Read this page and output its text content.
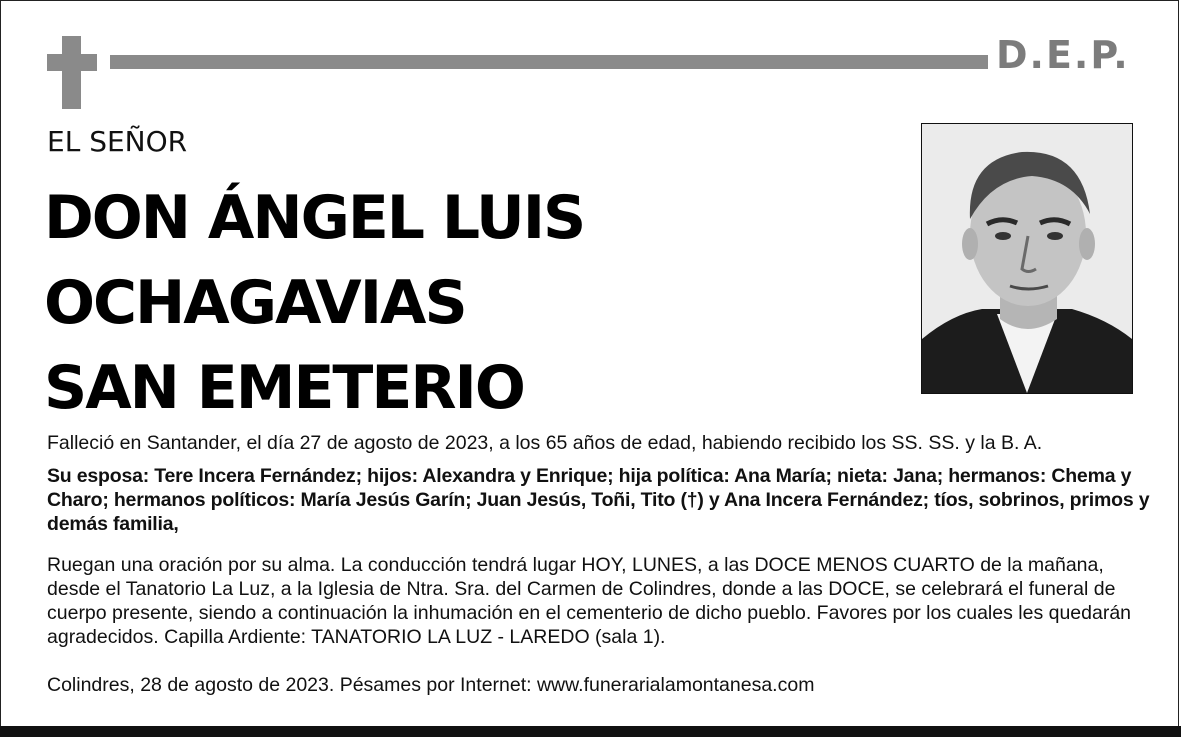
D.E.P.
EL SEÑOR
DON ÁNGEL LUIS
OCHAGAVIAS
SAN EMETERIO
Falleció en Santander, el día 27 de agosto de 2023, a los 65 años de edad, habiendo recibido los SS. SS. y la B. A.
Su esposa: Tere Incera Fernández; hijos: Alexandra y Enrique; hija política: Ana María; nieta: Jana; hermanos: Chema y Charo; hermanos políticos: María Jesús Garín; Juan Jesús, Toñi, Tito (†) y Ana Incera Fernández; tíos, sobrinos, primos y demás familia,
Ruegan una oración por su alma. La conducción tendrá lugar HOY, LUNES, a las DOCE MENOS CUARTO de la mañana, desde el Tanatorio La Luz, a la Iglesia de Ntra. Sra. del Carmen de Colindres, donde a las DOCE, se celebrará el funeral de cuerpo presente, siendo a continuación la inhumación en el cementerio de dicho pueblo. Favores por los cuales les quedarán agradecidos. Capilla Ardiente: TANATORIO LA LUZ - LAREDO (sala 1).
Colindres, 28 de agosto de 2023. Pésames por Internet: www.funerarialamontanesa.com
